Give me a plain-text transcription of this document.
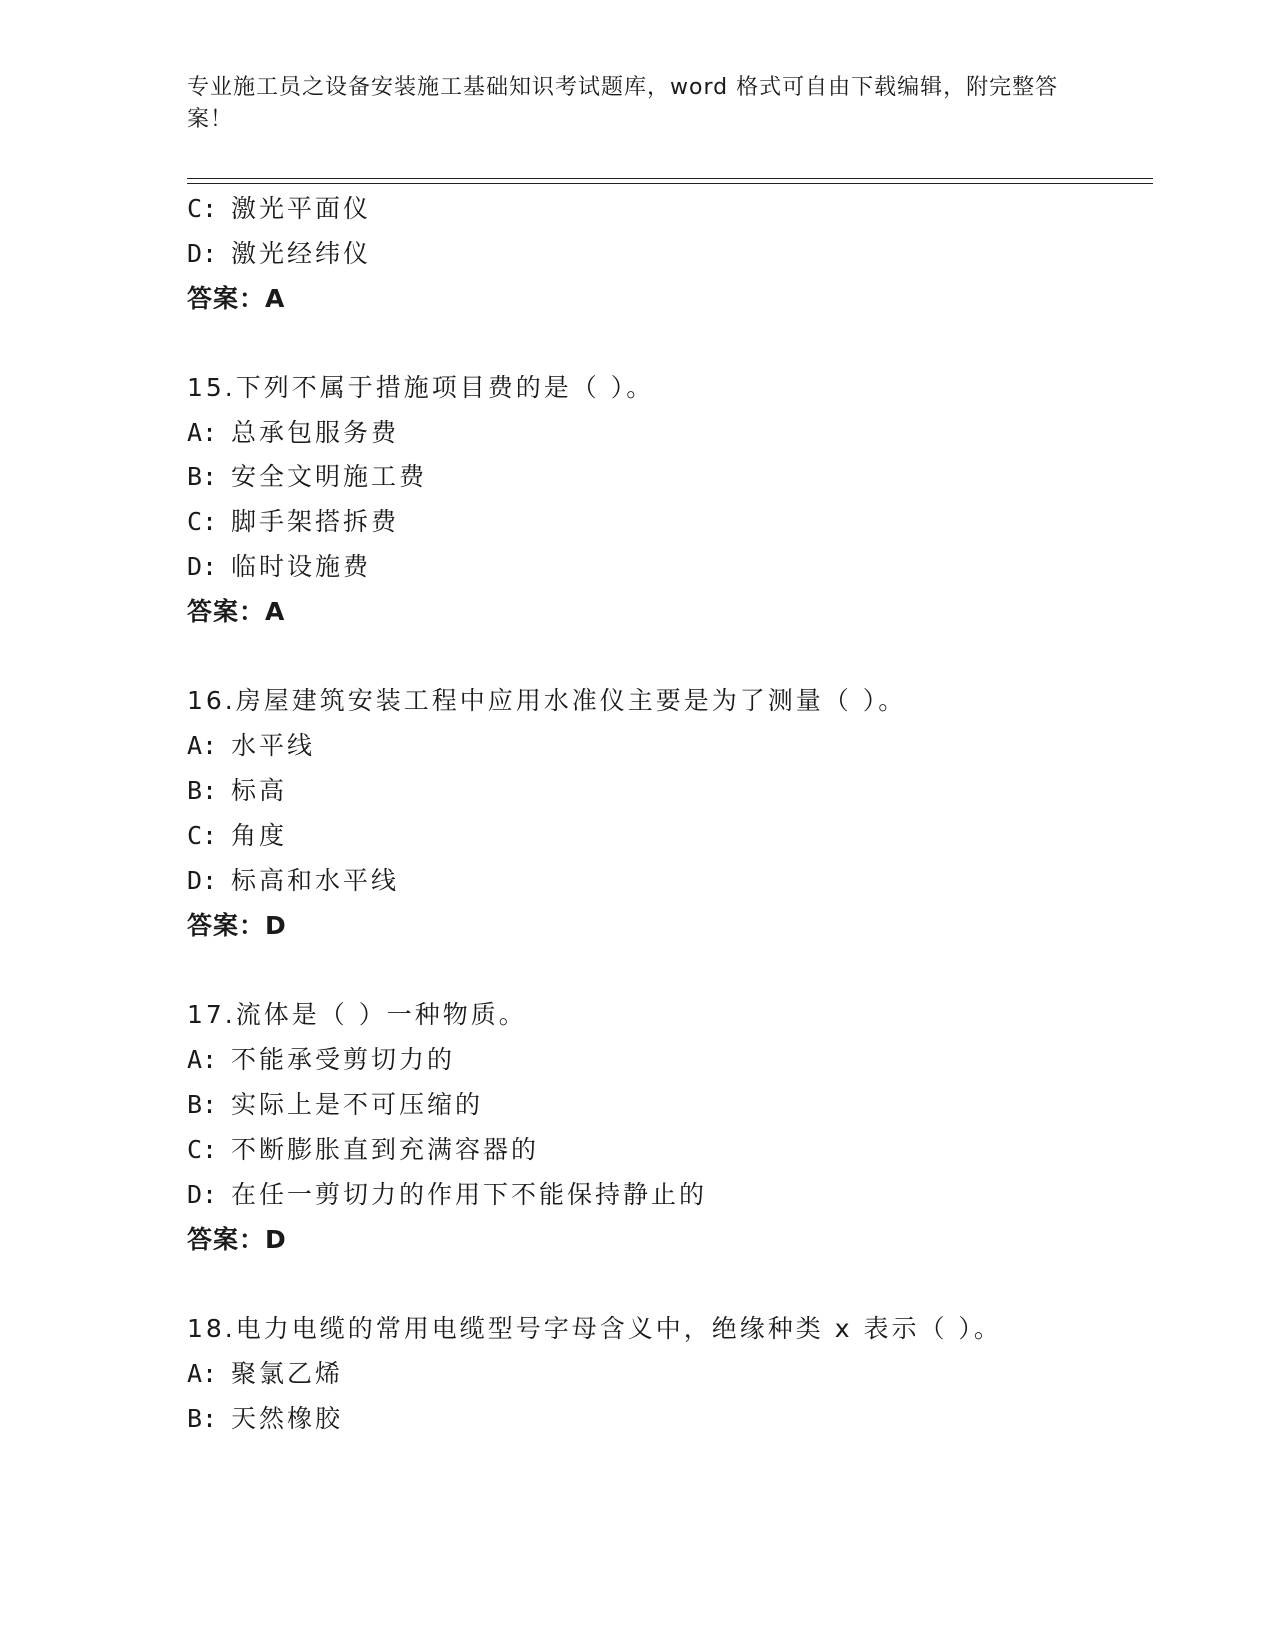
专业施工员之设备安装施工基础知识考试题库，word 格式可自由下载编辑，附完整答案！
C: 激光平面仪
D: 激光经纬仪
答案：A
15.下列不属于措施项目费的是（ ）。
A: 总承包服务费
B: 安全文明施工费
C: 脚手架搭拆费
D: 临时设施费
答案：A
16.房屋建筑安装工程中应用水准仪主要是为了测量（ ）。
A: 水平线
B: 标高
C: 角度
D: 标高和水平线
答案：D
17.流体是（ ）一种物质。
A: 不能承受剪切力的
B: 实际上是不可压缩的
C: 不断膨胀直到充满容器的
D: 在任一剪切力的作用下不能保持静止的
答案：D
18.电力电缆的常用电缆型号字母含义中，绝缘种类 x 表示（ ）。
A: 聚氯乙烯
B: 天然橡胶
